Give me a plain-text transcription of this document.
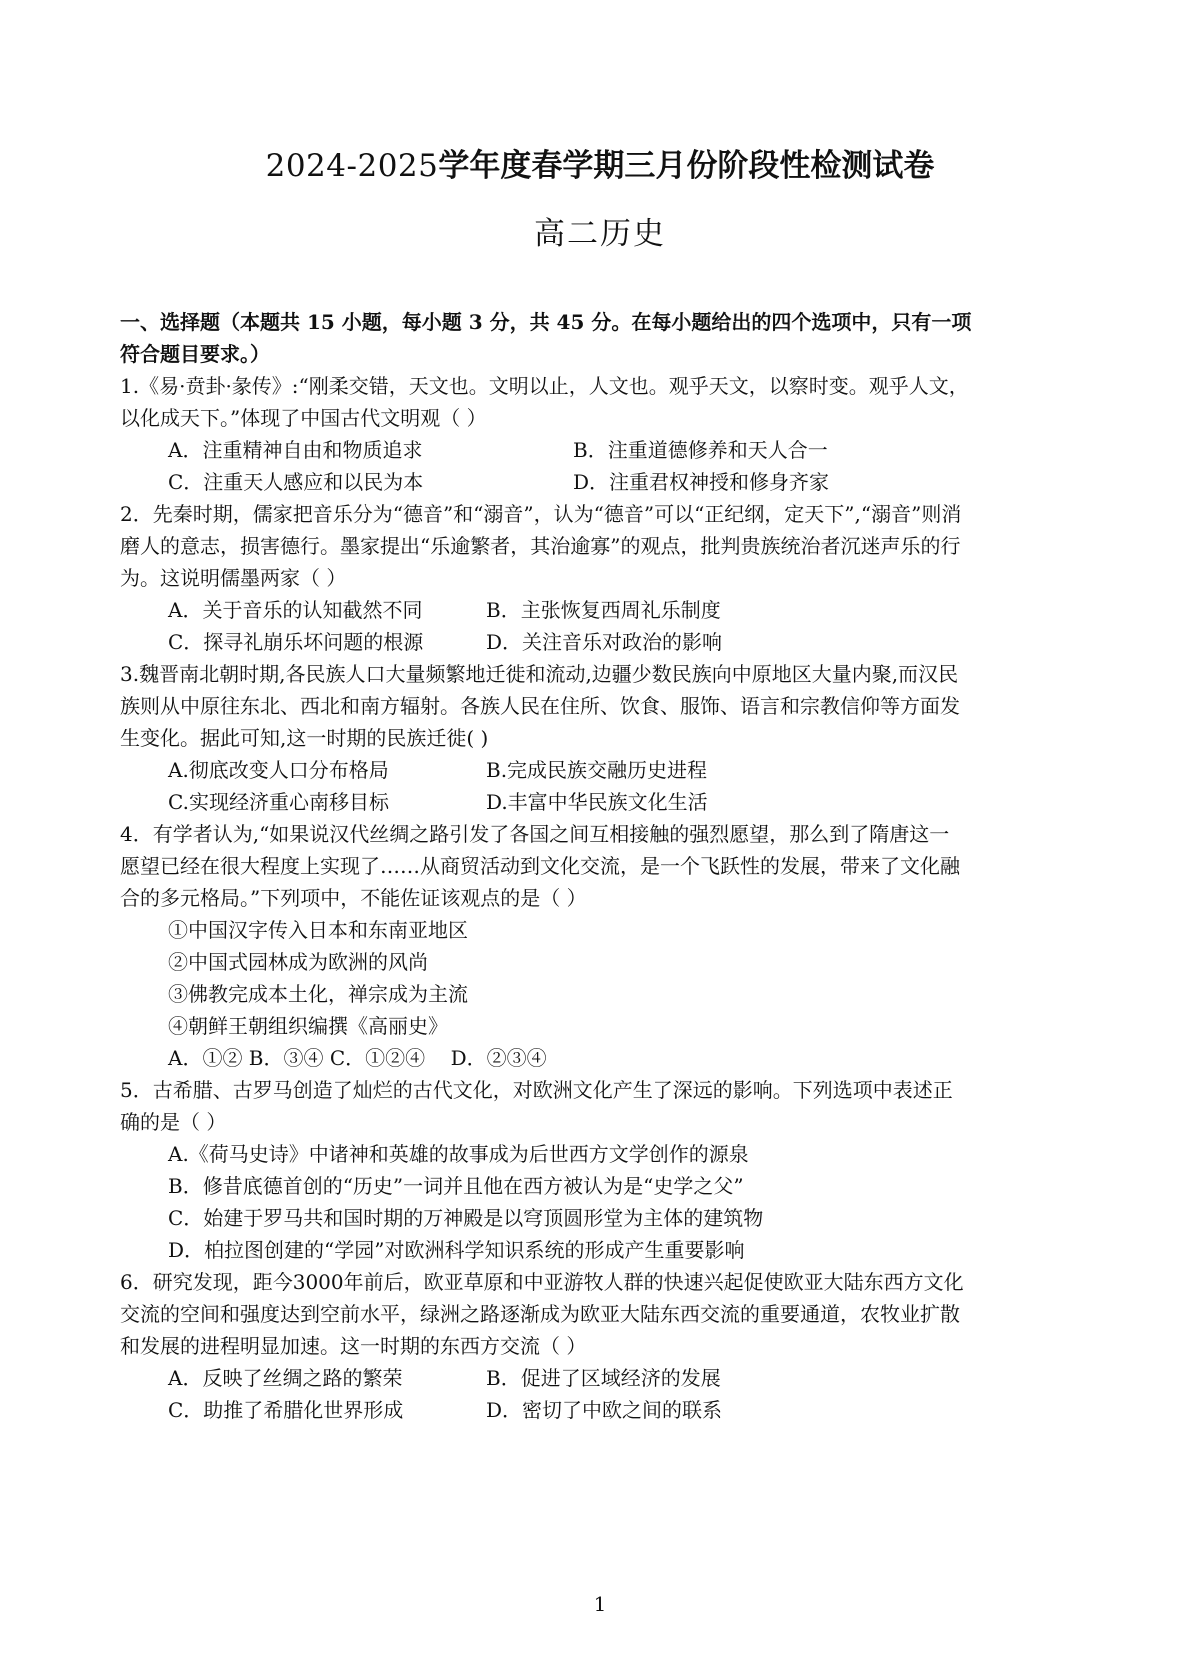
2024-2025学年度春学期三月份阶段性检测试卷
高二历史
一、选择题（本题共 15 小题，每小题 3 分，共 45 分。在每小题给出的四个选项中，只有一项
符合题目要求。）
1.《易·贲卦·彖传》:“刚柔交错，天文也。文明以止，人文也。观乎天文，以察时变。观乎人文，
以化成天下。”体现了中国古代文明观（ ）
A．注重精神自由和物质追求	B．注重道德修养和天人合一
C．注重天人感应和以民为本	D．注重君权神授和修身齐家
2．先秦时期，儒家把音乐分为“德音”和“溺音”，认为“德音”可以“正纪纲，定天下”,“溺音”则消
磨人的意志，损害德行。墨家提出“乐逾繁者，其治逾寡”的观点，批判贵族统治者沉迷声乐的行
为。这说明儒墨两家（ ）
A．关于音乐的认知截然不同	B．主张恢复西周礼乐制度
C．探寻礼崩乐坏问题的根源	D．关注音乐对政治的影响
3.魏晋南北朝时期,各民族人口大量频繁地迁徙和流动,边疆少数民族向中原地区大量内聚,而汉民
族则从中原往东北、西北和南方辐射。各族人民在住所、饮食、服饰、语言和宗教信仰等方面发
生变化。据此可知,这一时期的民族迁徙( )
A.彻底改变人口分布格局	B.完成民族交融历史进程
C.实现经济重心南移目标	D.丰富中华民族文化生活
4．有学者认为,“如果说汉代丝绸之路引发了各国之间互相接触的强烈愿望，那么到了隋唐这一
愿望已经在很大程度上实现了……从商贸活动到文化交流，是一个飞跃性的发展，带来了文化融
合的多元格局。”下列项中，不能佐证该观点的是（ ）
①中国汉字传入日本和东南亚地区
②中国式园林成为欧洲的风尚
③佛教完成本土化，禅宗成为主流
④朝鲜王朝组织编撰《高丽史》
A．①② B．③④ C．①②④    D．②③④
5．古希腊、古罗马创造了灿烂的古代文化，对欧洲文化产生了深远的影响。下列选项中表述正
确的是（ ）
A.《荷马史诗》中诸神和英雄的故事成为后世西方文学创作的源泉
B．修昔底德首创的“历史”一词并且他在西方被认为是“史学之父”
C．始建于罗马共和国时期的万神殿是以穹顶圆形堂为主体的建筑物
D．柏拉图创建的“学园”对欧洲科学知识系统的形成产生重要影响
6．研究发现，距今3000年前后，欧亚草原和中亚游牧人群的快速兴起促使欧亚大陆东西方文化
交流的空间和强度达到空前水平，绿洲之路逐渐成为欧亚大陆东西交流的重要通道，农牧业扩散
和发展的进程明显加速。这一时期的东西方交流（ ）
A．反映了丝绸之路的繁荣	B．促进了区域经济的发展
C．助推了希腊化世界形成	D．密切了中欧之间的联系
1
